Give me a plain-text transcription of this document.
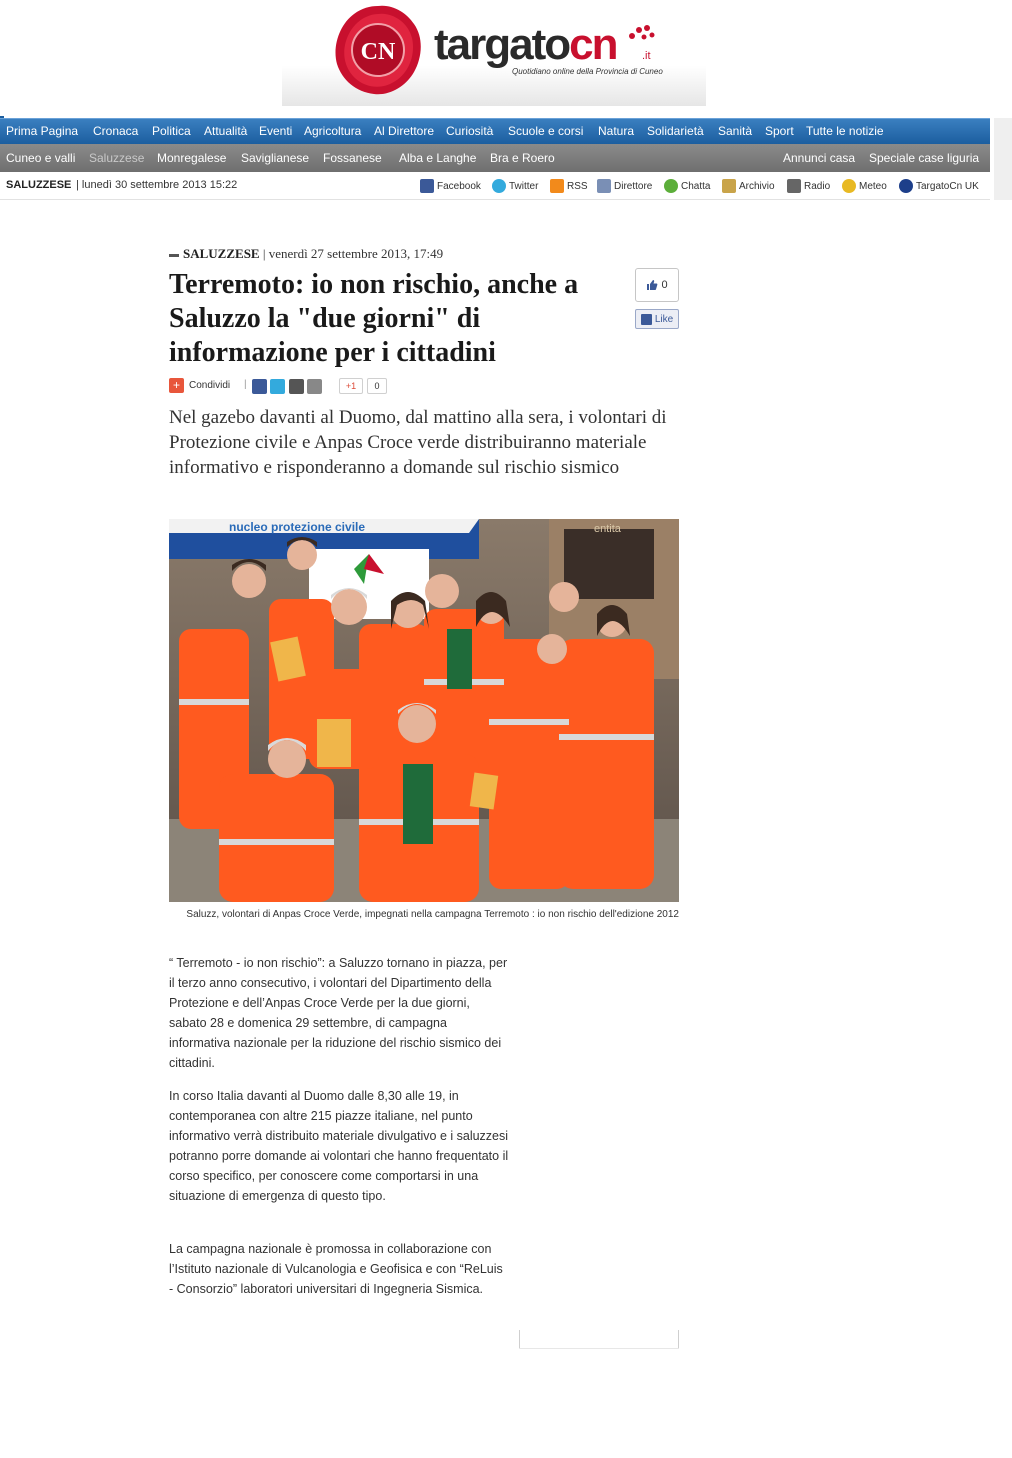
CN targatocn .it
Quotidiano online della Provincia di Cuneo
Prima Pagina Cronaca Politica Attualità Eventi Agricoltura Al Direttore Curiosità Scuole e corsi Natura Solidarietà Sanità Sport Tutte le notizie
Cuneo e valli Saluzzese Monregalese Saviglianese Fossanese Alba e Langhe Bra e Roero	Annunci casa Speciale case liguria
SALUZZESE | lunedì 30 settembre 2013 15:22	Facebook	Twitter	RSS	Direttore	Chatta	Archivio	Radio	Meteo	TargatoCn UK
SALUZZESE | venerdì 27 settembre 2013, 17:49
Terremoto: io non rischio, anche a Saluzzo la "due giorni" di informazione per i cittadini
0
Like
+ Condividi |	+1	0

Nel gazebo davanti al Duomo, dal mattino alla sera, i volontari di Protezione civile e Anpas Croce verde distribuiranno materiale informativo e risponderanno a domande sul rischio sismico

nucleo protezione civile	entita

Saluzz, volontari di Anpas Croce Verde, impegnati nella campagna Terremoto : io non rischio dell'edizione 2012

“ Terremoto - io non rischio”: a Saluzzo tornano in piazza, per il terzo anno consecutivo, i volontari del Dipartimento della Protezione e dell’Anpas Croce Verde per la due giorni, sabato 28 e domenica 29 settembre, di campagna informativa nazionale per la riduzione del rischio sismico dei cittadini.

In corso Italia davanti al Duomo dalle 8,30 alle 19, in contemporanea con altre 215 piazze italiane, nel punto informativo verrà distribuito materiale divulgativo e i saluzzesi potranno porre domande ai volontari che hanno frequentato il corso specifico, per conoscere come comportarsi in una situazione di emergenza di questo tipo.

La campagna nazionale è promossa in collaborazione con l’Istituto nazionale di Vulcanologia e Geofisica e con “ReLuis - Consorzio” laboratori universitari di Ingegneria Sismica.
